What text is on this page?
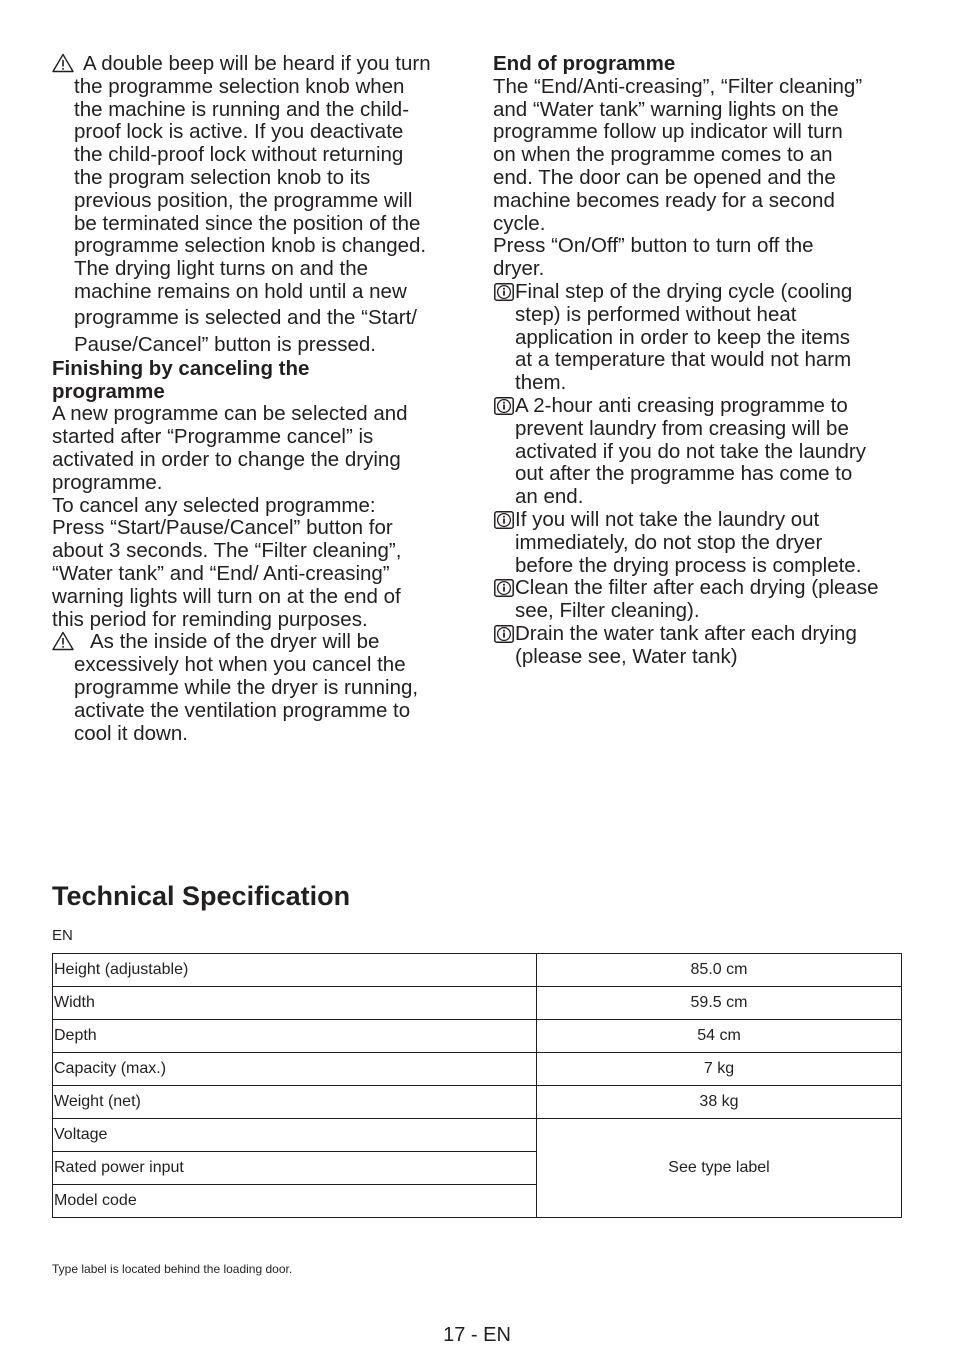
A double beep will be heard if you turn
the programme selection knob when
the machine is running and the child-
proof lock is active. If you deactivate
the child-proof lock without returning
the program selection knob to its
previous position, the programme will
be terminated since the position of the
programme selection knob is changed.
The drying light turns on and the
machine remains on hold until a new
programme is selected and the “Start/
Pause/Cancel” button is pressed.
Finishing by canceling the
programme
A new programme can be selected and
started after “Programme cancel” is
activated in order to change the drying
programme.
To cancel any selected programme:
Press “Start/Pause/Cancel” button for
about 3 seconds. The “Filter cleaning”,
“Water tank” and “End/ Anti-creasing”
warning lights will turn on at the end of
this period for reminding purposes.
As the inside of the dryer will be
excessively hot when you cancel the
programme while the dryer is running,
activate the ventilation programme to
cool it down.
End of programme
The “End/Anti-creasing”, “Filter cleaning”
and “Water tank” warning lights on the
programme follow up indicator will turn
on when the programme comes to an
end. The door can be opened and the
machine becomes ready for a second
cycle.
Press “On/Off” button to turn off the
dryer.
Final step of the drying cycle (cooling
step) is performed without heat
application in order to keep the items
at a temperature that would not harm
them.
A 2-hour anti creasing programme to
prevent laundry from creasing will be
activated if you do not take the laundry
out after the programme has come to
an end.
If you will not take the laundry out
immediately, do not stop the dryer
before the drying process is complete.
Clean the filter after each drying (please
see, Filter cleaning).
Drain the water tank after each drying
(please see, Water tank)
Technical Specification
EN
Height (adjustable)	85.0 cm
Width	59.5 cm
Depth	54 cm
Capacity (max.)	7 kg
Weight (net)	38 kg
Voltage	See type label
Rated power input	
Model code	
Type label is located behind the loading door.
17 - EN
